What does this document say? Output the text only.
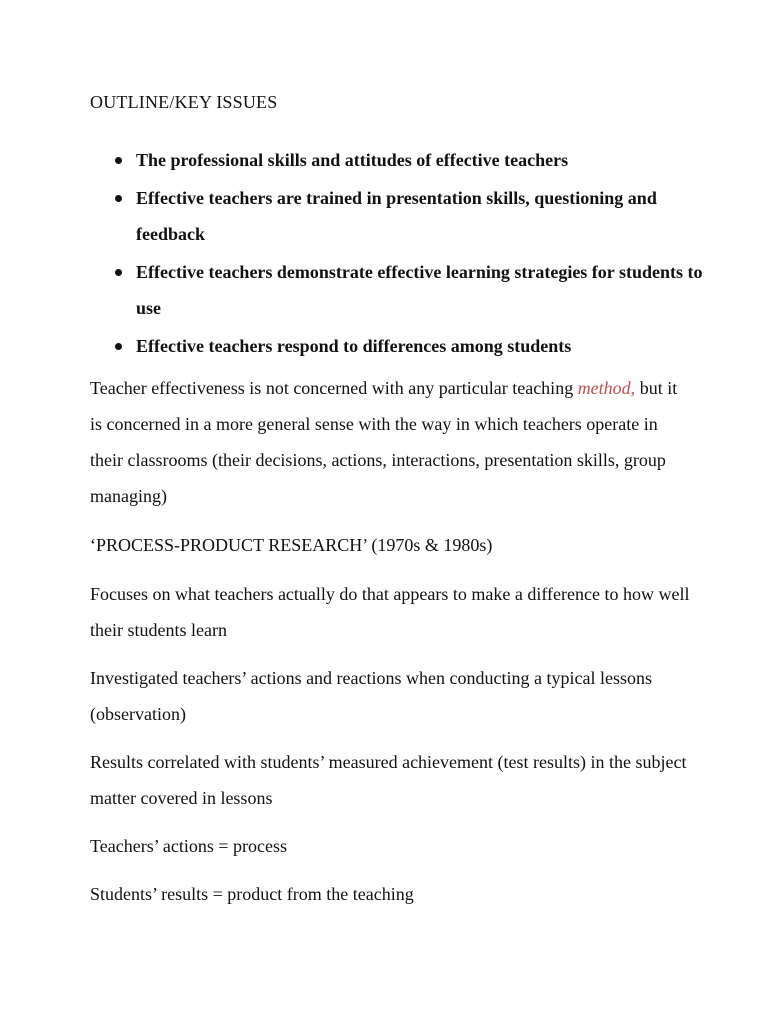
OUTLINE/KEY ISSUES

The professional skills and attitudes of effective teachers
Effective teachers are trained in presentation skills, questioning and feedback
Effective teachers demonstrate effective learning strategies for students to use
Effective teachers respond to differences among students

Teacher effectiveness is not concerned with any particular teaching method, but it is concerned in a more general sense with the way in which teachers operate in their classrooms (their decisions, actions, interactions, presentation skills, group managing)

‘PROCESS-PRODUCT RESEARCH’ (1970s & 1980s)

Focuses on what teachers actually do that appears to make a difference to how well their students learn

Investigated teachers’ actions and reactions when conducting a typical lessons (observation)

Results correlated with students’ measured achievement (test results) in the subject matter covered in lessons

Teachers’ actions = process

Students’ results = product from the teaching
